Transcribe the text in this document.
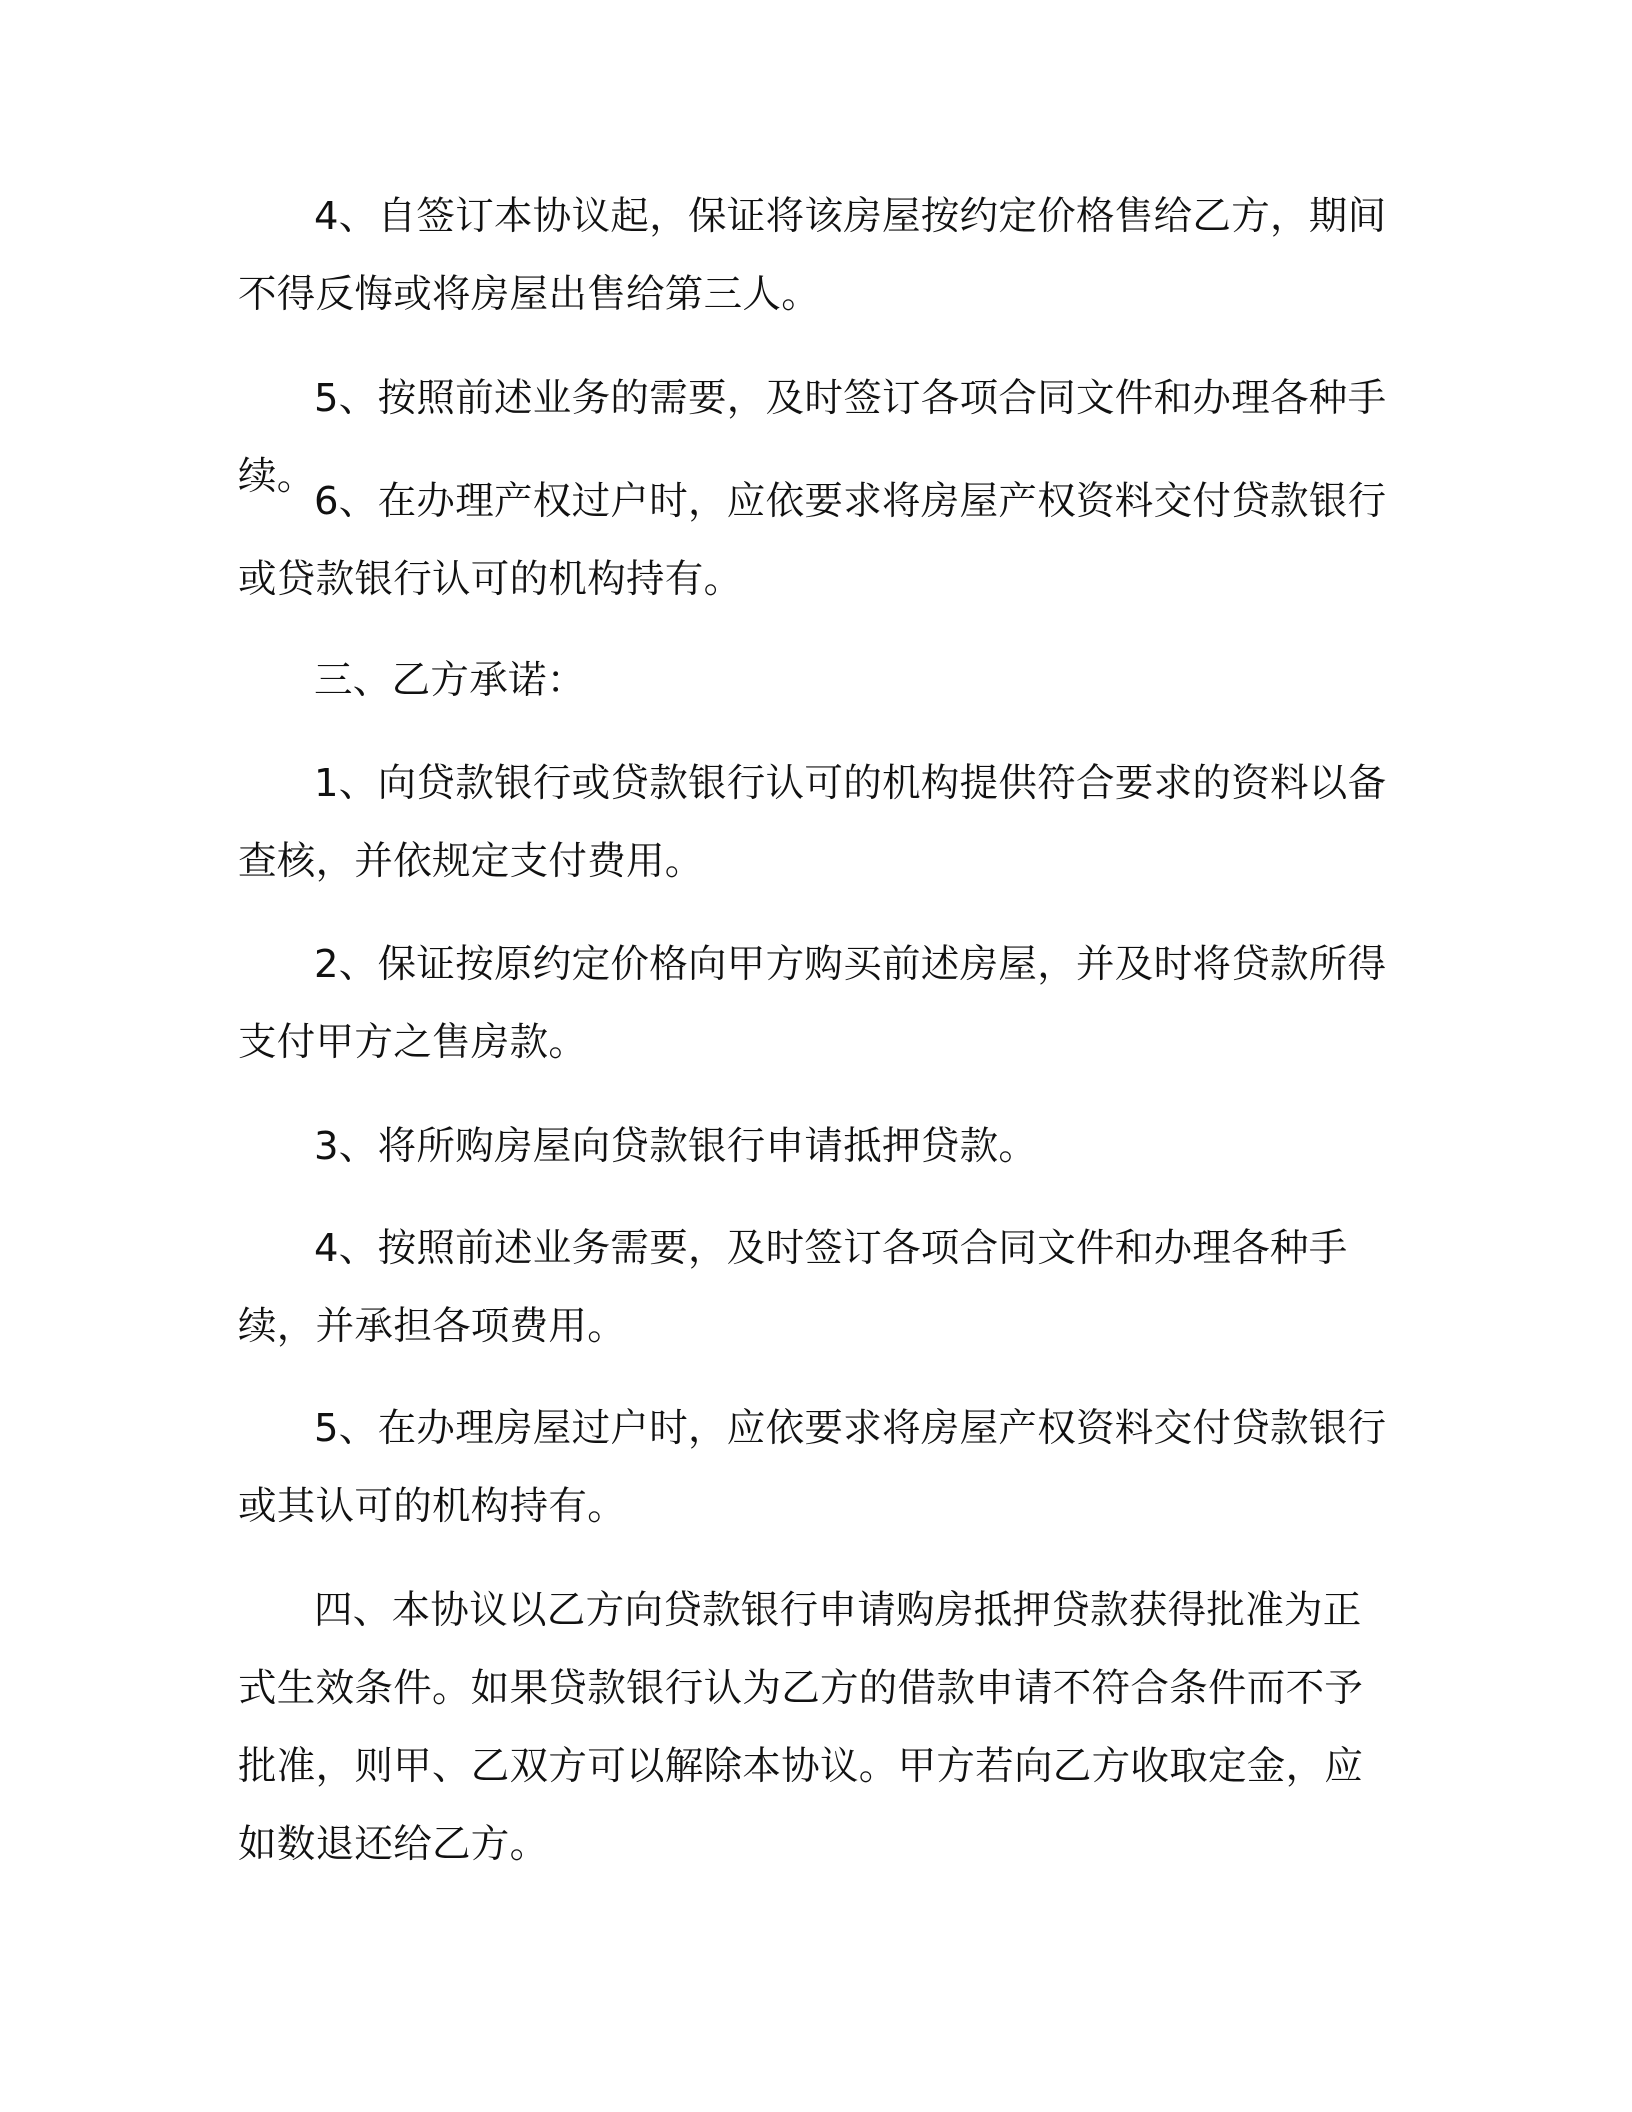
4、自签订本协议起，保证将该房屋按约定价格售给乙方，期间不得反悔或将房屋出售给第三人。

5、按照前述业务的需要，及时签订各项合同文件和办理各种手续。

6、在办理产权过户时，应依要求将房屋产权资料交付贷款银行或贷款银行认可的机构持有。

三、乙方承诺：

1、向贷款银行或贷款银行认可的机构提供符合要求的资料以备查核，并依规定支付费用。

2、保证按原约定价格向甲方购买前述房屋，并及时将贷款所得支付甲方之售房款。

3、将所购房屋向贷款银行申请抵押贷款。

4、按照前述业务需要，及时签订各项合同文件和办理各种手续，并承担各项费用。

5、在办理房屋过户时，应依要求将房屋产权资料交付贷款银行或其认可的机构持有。

四、本协议以乙方向贷款银行申请购房抵押贷款获得批准为正式生效条件。如果贷款银行认为乙方的借款申请不符合条件而不予批准，则甲、乙双方可以解除本协议。甲方若向乙方收取定金，应如数退还给乙方。
